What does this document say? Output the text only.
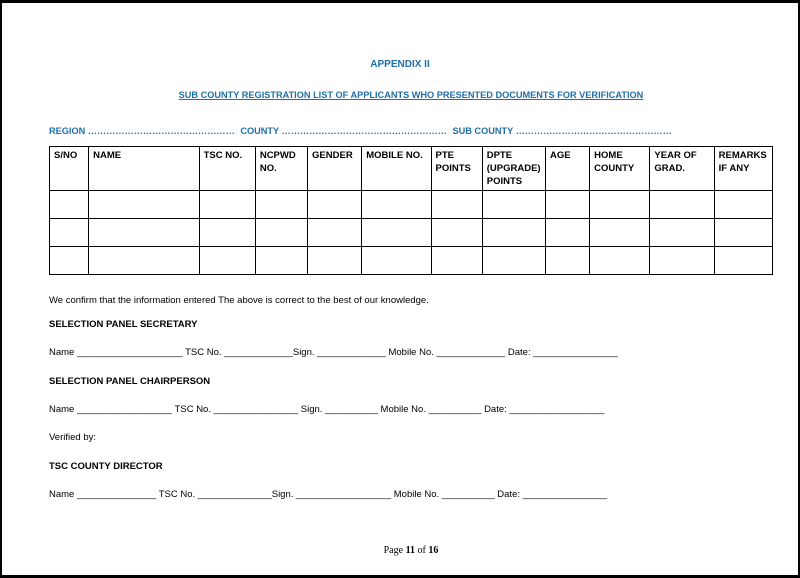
APPENDIX II
SUB COUNTY REGISTRATION LIST OF APPLICANTS WHO PRESENTED DOCUMENTS FOR VERIFICATION
REGION ………………………………………… COUNTY ……………………………………………… SUB COUNTY ……………………………………………
S/NO	NAME	TSC NO.	NCPWD NO.	GENDER	MOBILE NO.	PTE POINTS	DPTE (UPGRADE) POINTS	AGE	HOME COUNTY	YEAR OF GRAD.	REMARKS IF ANY

We confirm that the information entered The above is correct to the best of our knowledge.
SELECTION PANEL SECRETARY
Name ____________________ TSC No. _____________Sign. _____________ Mobile No. _____________ Date: ________________
SELECTION PANEL CHAIRPERSON
Name __________________ TSC No. ________________ Sign. __________ Mobile No. __________ Date: __________________
Verified by:
TSC COUNTY DIRECTOR
Name _______________ TSC No. ______________Sign. __________________ Mobile No. __________ Date: ________________
Page 11 of 16
